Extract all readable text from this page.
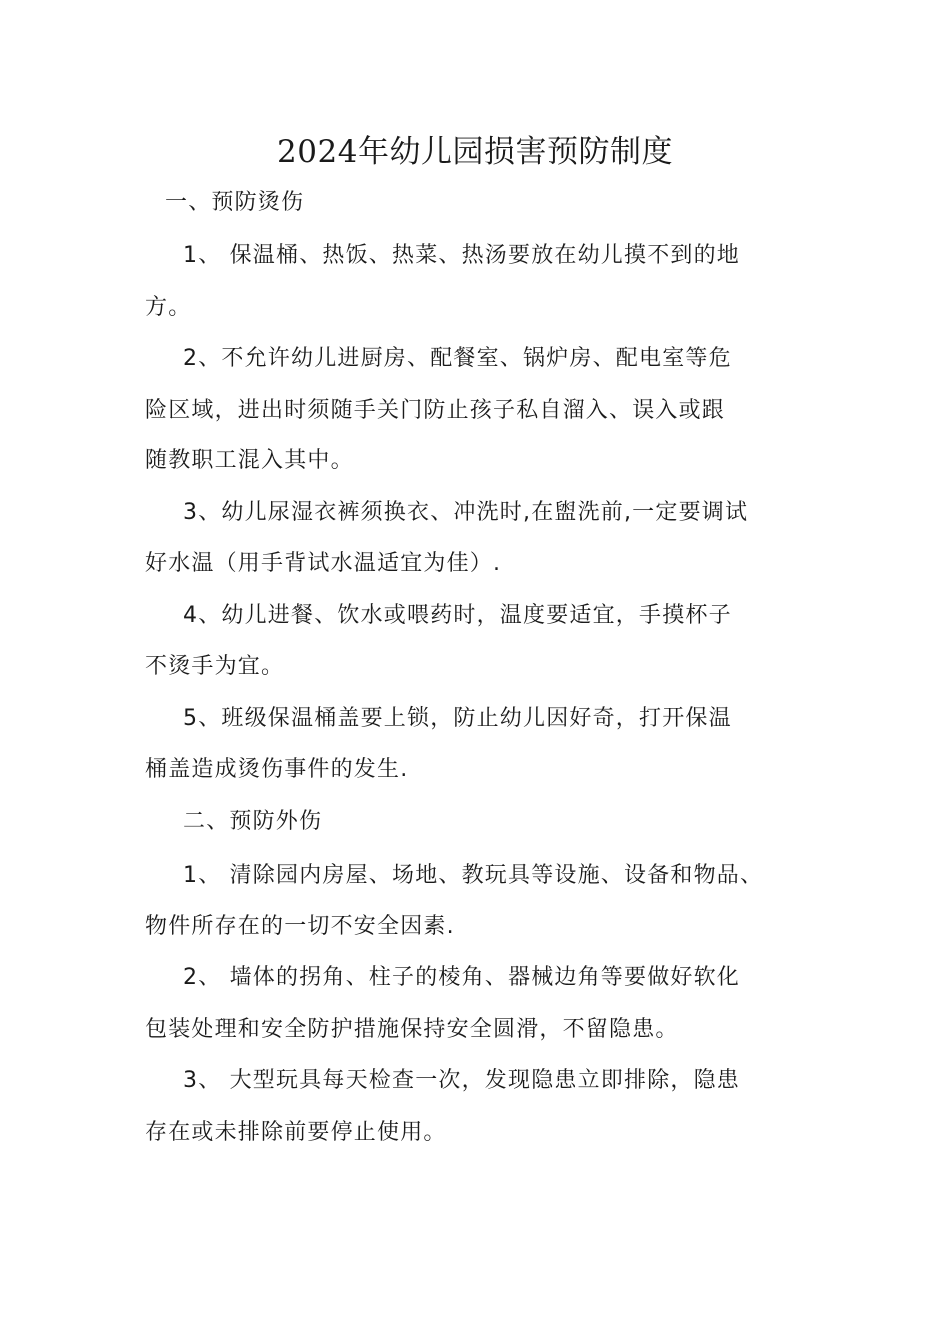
2024年幼儿园损害预防制度
一、预防烫伤
1、 保温桶、热饭、热菜、热汤要放在幼儿摸不到的地
方。
2、不允许幼儿进厨房、配餐室、锅炉房、配电室等危
险区域，进出时须随手关门防止孩子私自溜入、误入或跟
随教职工混入其中。
3、幼儿尿湿衣裤须换衣、冲洗时,在盥洗前,一定要调试
好水温（用手背试水温适宜为佳）.
4、幼儿进餐、饮水或喂药时，温度要适宜，手摸杯子
不烫手为宜。
5、班级保温桶盖要上锁，防止幼儿因好奇，打开保温
桶盖造成烫伤事件的发生.
二、预防外伤
1、 清除园内房屋、场地、教玩具等设施、设备和物品、
物件所存在的一切不安全因素.
2、 墙体的拐角、柱子的棱角、器械边角等要做好软化
包装处理和安全防护措施保持安全圆滑，不留隐患。
3、 大型玩具每天检查一次，发现隐患立即排除，隐患
存在或未排除前要停止使用。
